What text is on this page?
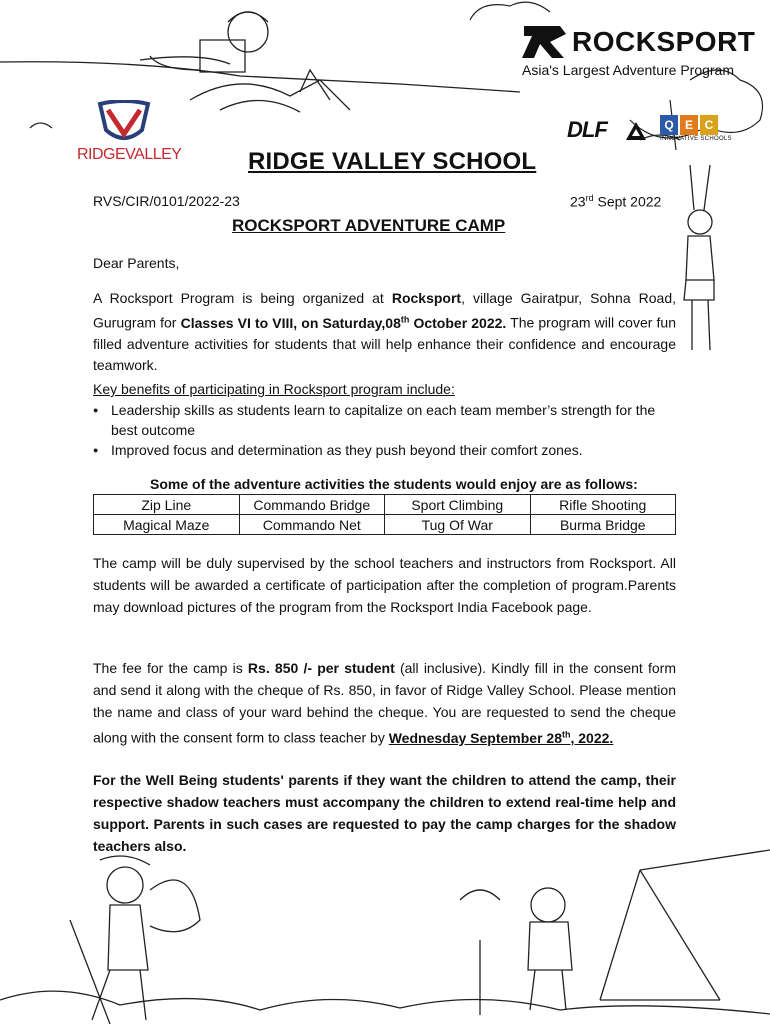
ROCKSPORT
Asia's Largest Adventure Program
RIDGEVALLEY
DLF	Q E C
INNOVATIVE SCHOOLS
RIDGE VALLEY SCHOOL
RVS/CIR/0101/2022-23	23rd Sept 2022
ROCKSPORT ADVENTURE CAMP
Dear Parents,
A Rocksport Program is being organized at Rocksport, village Gairatpur, Sohna Road, Gurugram for Classes VI to VIII, on Saturday,08th October 2022. The program will cover fun filled adventure activities for students that will help enhance their confidence and encourage teamwork.
Key benefits of participating in Rocksport program include:
● Leadership skills as students learn to capitalize on each team member’s strength for the best outcome
● Improved focus and determination as they push beyond their comfort zones.
Some of the adventure activities the students would enjoy are as follows:
Zip Line	Commando Bridge	Sport Climbing	Rifle Shooting
Magical Maze	Commando Net	Tug Of War	Burma Bridge
The camp will be duly supervised by the school teachers and instructors from Rocksport. All students will be awarded a certificate of participation after the completion of program.Parents may download pictures of the program from the Rocksport India Facebook page.
The fee for the camp is Rs. 850 /- per student (all inclusive). Kindly fill in the consent form and send it along with the cheque of Rs. 850, in favor of Ridge Valley School. Please mention the name and class of your ward behind the cheque. You are requested to send the cheque along with the consent form to class teacher by Wednesday September 28th, 2022.
For the Well Being students' parents if they want the children to attend the camp, their respective shadow teachers must accompany the children to extend real-time help and support. Parents in such cases are requested to pay the camp charges for the shadow teachers also.
